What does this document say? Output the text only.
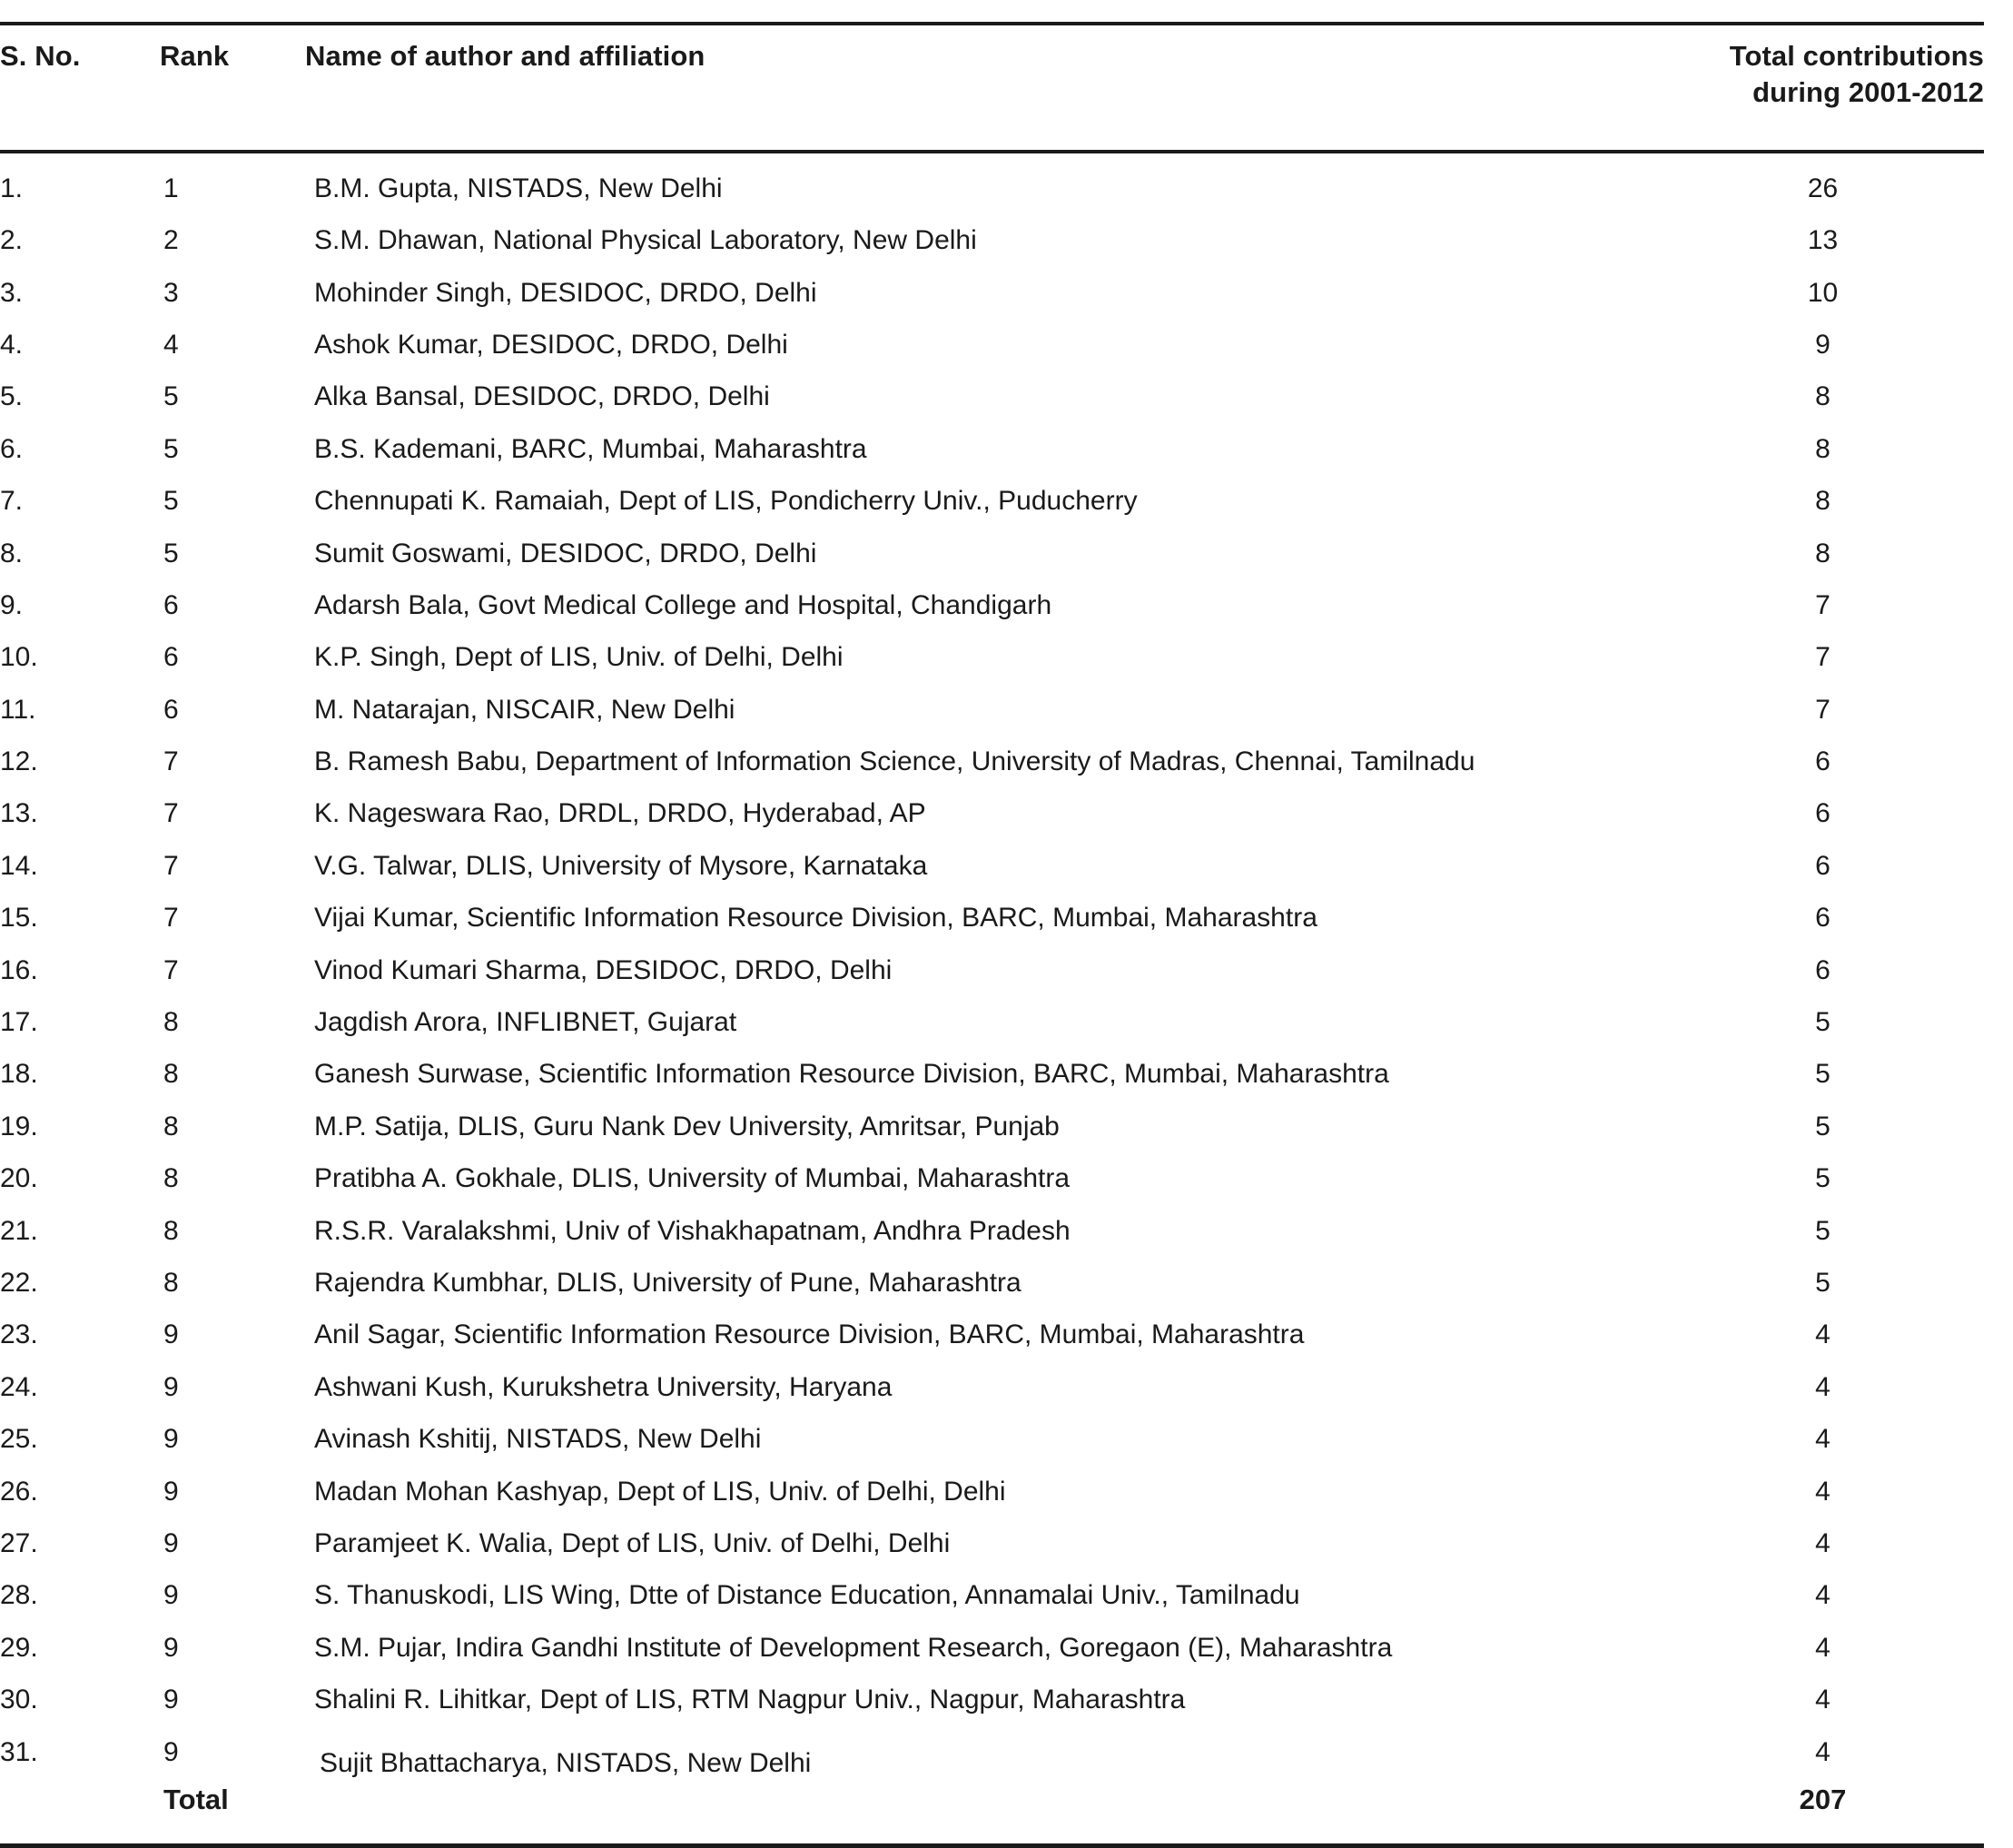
S. No.	Rank	Name of author and affiliation	Total contributions
during 2001-2012

1.	1	B.M. Gupta, NISTADS, New Delhi	26
2.	2	S.M. Dhawan, National Physical Laboratory, New Delhi	13
3.	3	Mohinder Singh, DESIDOC, DRDO, Delhi	10
4.	4	Ashok Kumar, DESIDOC, DRDO, Delhi	9
5.	5	Alka Bansal, DESIDOC, DRDO, Delhi	8
6.	5	B.S. Kademani, BARC, Mumbai, Maharashtra	8
7.	5	Chennupati K. Ramaiah, Dept of LIS, Pondicherry Univ., Puducherry	8
8.	5	Sumit Goswami, DESIDOC, DRDO, Delhi	8
9.	6	Adarsh Bala, Govt Medical College and Hospital, Chandigarh	7
10.	6	K.P. Singh, Dept of LIS, Univ. of Delhi, Delhi	7
11.	6	M. Natarajan, NISCAIR, New Delhi	7
12.	7	B. Ramesh Babu, Department of Information Science, University of Madras, Chennai, Tamilnadu	6
13.	7	K. Nageswara Rao, DRDL, DRDO, Hyderabad, AP	6
14.	7	V.G. Talwar, DLIS, University of Mysore, Karnataka	6
15.	7	Vijai Kumar, Scientific Information Resource Division, BARC, Mumbai, Maharashtra	6
16.	7	Vinod Kumari Sharma, DESIDOC, DRDO, Delhi	6
17.	8	Jagdish Arora, INFLIBNET, Gujarat	5
18.	8	Ganesh Surwase, Scientific Information Resource Division, BARC, Mumbai, Maharashtra	5
19.	8	M.P. Satija, DLIS, Guru Nank Dev University, Amritsar, Punjab	5
20.	8	Pratibha A. Gokhale, DLIS, University of Mumbai, Maharashtra	5
21.	8	R.S.R. Varalakshmi, Univ of Vishakhapatnam, Andhra Pradesh	5
22.	8	Rajendra Kumbhar, DLIS, University of Pune, Maharashtra	5
23.	9	Anil Sagar, Scientific Information Resource Division, BARC, Mumbai, Maharashtra	4
24.	9	Ashwani Kush, Kurukshetra University, Haryana	4
25.	9	Avinash Kshitij, NISTADS, New Delhi	4
26.	9	Madan Mohan Kashyap, Dept of LIS, Univ. of Delhi, Delhi	4
27.	9	Paramjeet K. Walia, Dept of LIS, Univ. of Delhi, Delhi	4
28.	9	S. Thanuskodi, LIS Wing, Dtte of Distance Education, Annamalai Univ., Tamilnadu	4
29.	9	S.M. Pujar, Indira Gandhi Institute of Development Research, Goregaon (E), Maharashtra	4
30.	9	Shalini R. Lihitkar, Dept of LIS, RTM Nagpur Univ., Nagpur, Maharashtra	4
31.	9	Sujit Bhattacharya, NISTADS, New Delhi	4
	Total		207
